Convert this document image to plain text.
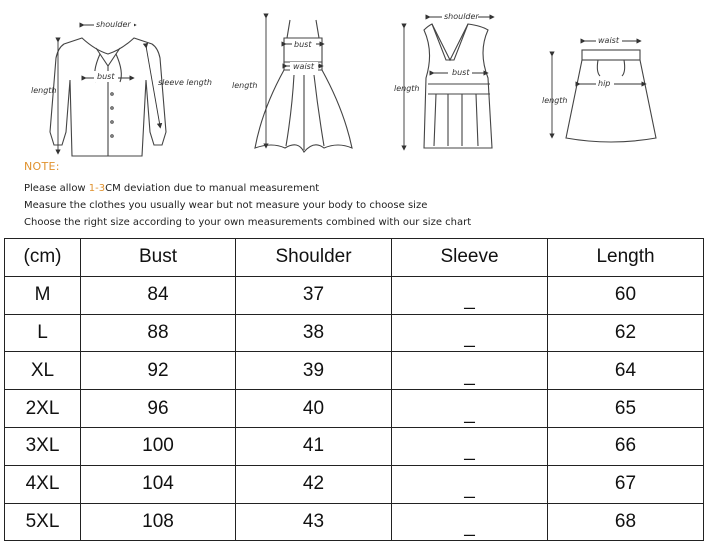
shoulder
bust
length
sleeve length
bust
waist
length
shoulder
bust
length
waist
hip
length
NOTE:
Please allow 1-3CM deviation due to manual measurement
Measure the clothes you usually wear but not measure your body to choose size
Choose the right size according to your own measurements combined with our size chart
(cm)	Bust	Shoulder	Sleeve	Length
M	84	37	_	60
L	88	38	_	62
XL	92	39	_	64
2XL	96	40	_	65
3XL	100	41	_	66
4XL	104	42	_	67
5XL	108	43	_	68
